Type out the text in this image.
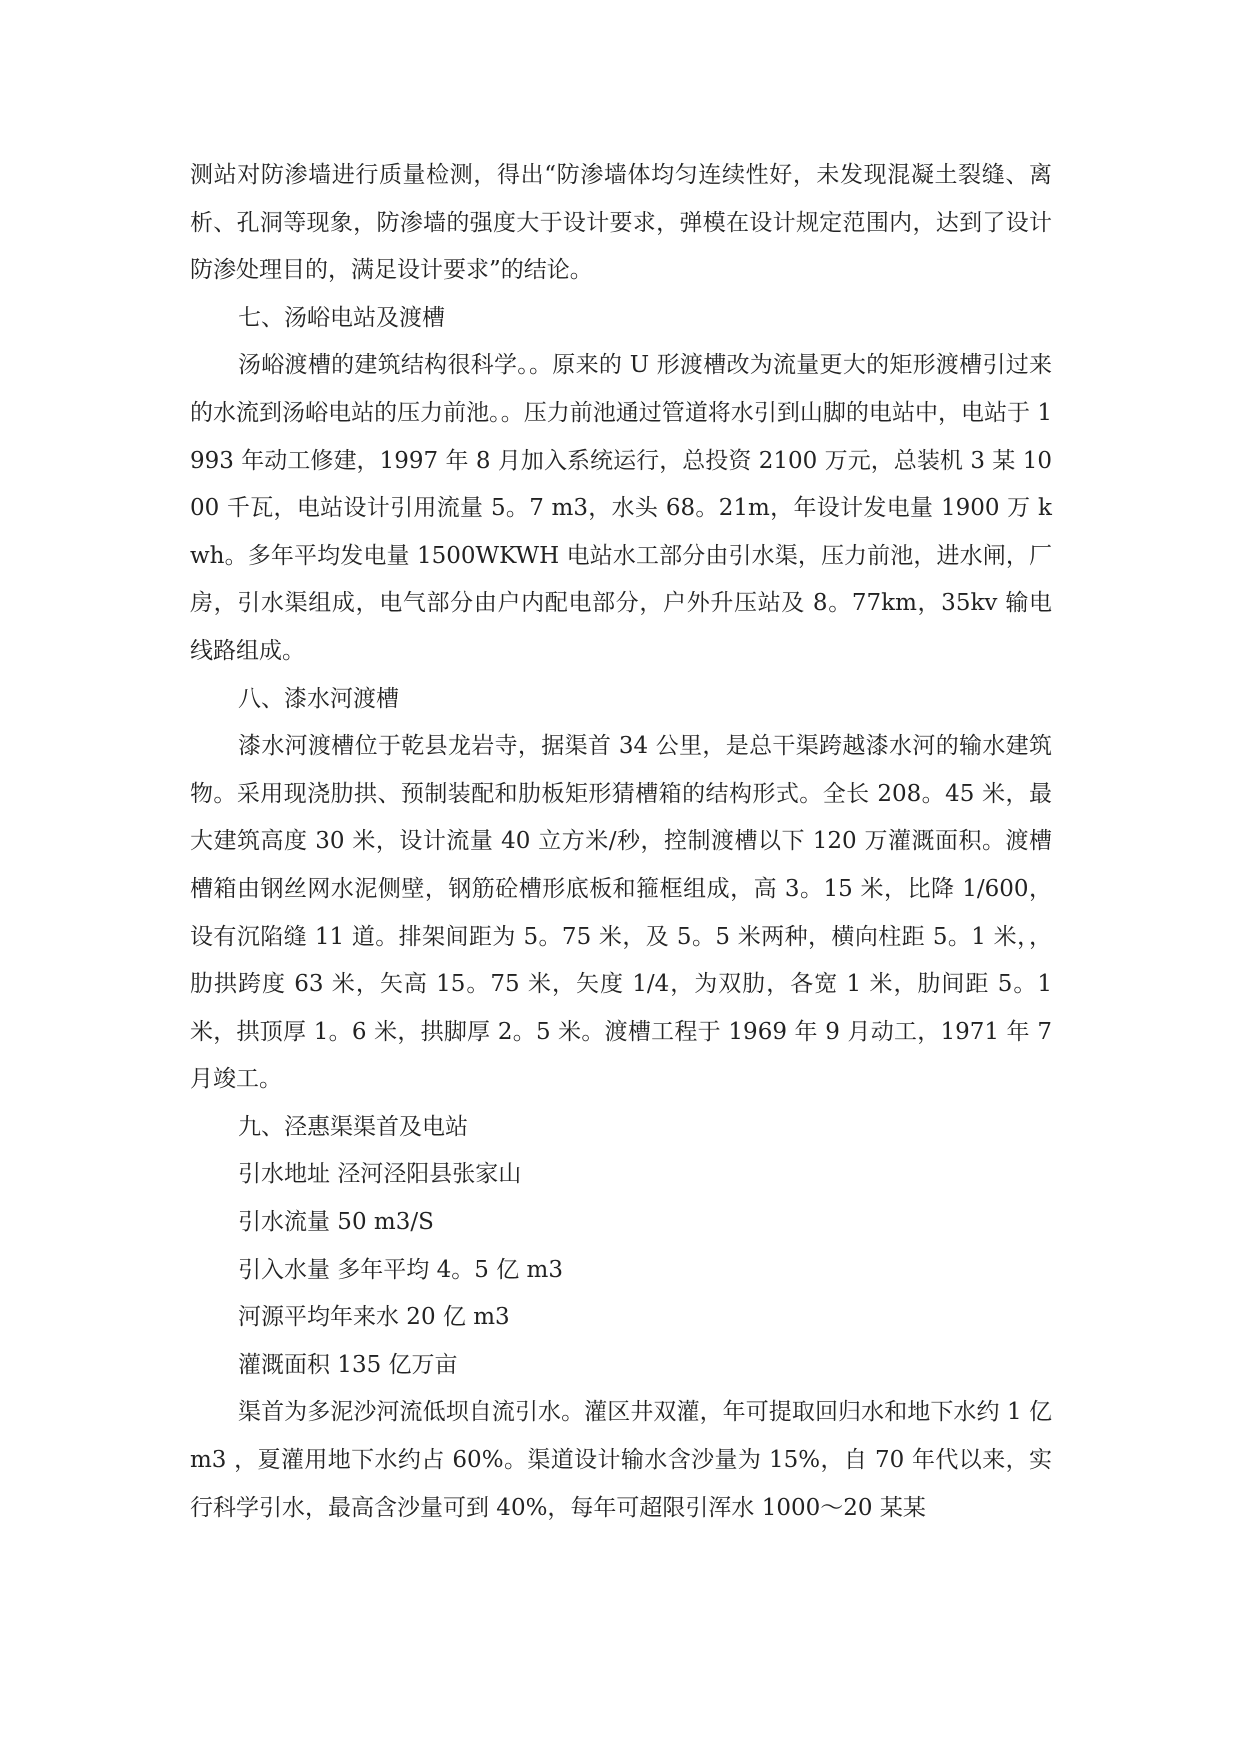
测站对防渗墙进行质量检测，得出“防渗墙体均匀连续性好，未发现混凝土裂缝、离析、孔洞等现象，防渗墙的强度大于设计要求，弹模在设计规定范围内，达到了设计防渗处理目的，满足设计要求”的结论。

七、汤峪电站及渡槽

汤峪渡槽的建筑结构很科学。。原来的 U 形渡槽改为流量更大的矩形渡槽引过来的水流到汤峪电站的压力前池。。压力前池通过管道将水引到山脚的电站中，电站于 1993 年动工修建，1997 年 8 月加入系统运行，总投资 2100 万元，总装机 3 某 1000 千瓦，电站设计引用流量 5。7 m3，水头 68。21m，年设计发电量 1900 万 kwh。多年平均发电量 1500WKWH 电站水工部分由引水渠，压力前池，进水闸，厂房，引水渠组成，电气部分由户内配电部分，户外升压站及 8。77km，35kv 输电线路组成。

八、漆水河渡槽

漆水河渡槽位于乾县龙岩寺，据渠首 34 公里，是总干渠跨越漆水河的输水建筑物。采用现浇肋拱、预制装配和肋板矩形猜槽箱的结构形式。全长 208。45 米，最大建筑高度 30 米，设计流量 40 立方米/秒，控制渡槽以下 120 万灌溉面积。渡槽槽箱由钢丝网水泥侧壁，钢筋砼槽形底板和箍框组成，高 3。15 米，比降 1/600，设有沉陷缝 11 道。排架间距为 5。75 米，及 5。5 米两种，横向柱距 5。1 米，，肋拱跨度 63 米，矢高 15。75 米，矢度 1/4，为双肋，各宽 1 米，肋间距 5。1 米，拱顶厚 1。6 米，拱脚厚 2。5 米。渡槽工程于 1969 年 9 月动工，1971 年 7 月竣工。

九、泾惠渠渠首及电站

引水地址 泾河泾阳县张家山

引水流量 50 m3/S

引入水量 多年平均 4。5 亿 m3

河源平均年来水 20 亿 m3

灌溉面积 135 亿万亩

渠首为多泥沙河流低坝自流引水。灌区井双灌，年可提取回归水和地下水约 1 亿 m3 ，夏灌用地下水约占 60%。渠道设计输水含沙量为 15%，自 70 年代以来，实行科学引水，最高含沙量可到 40%，每年可超限引浑水 1000～20 某某
